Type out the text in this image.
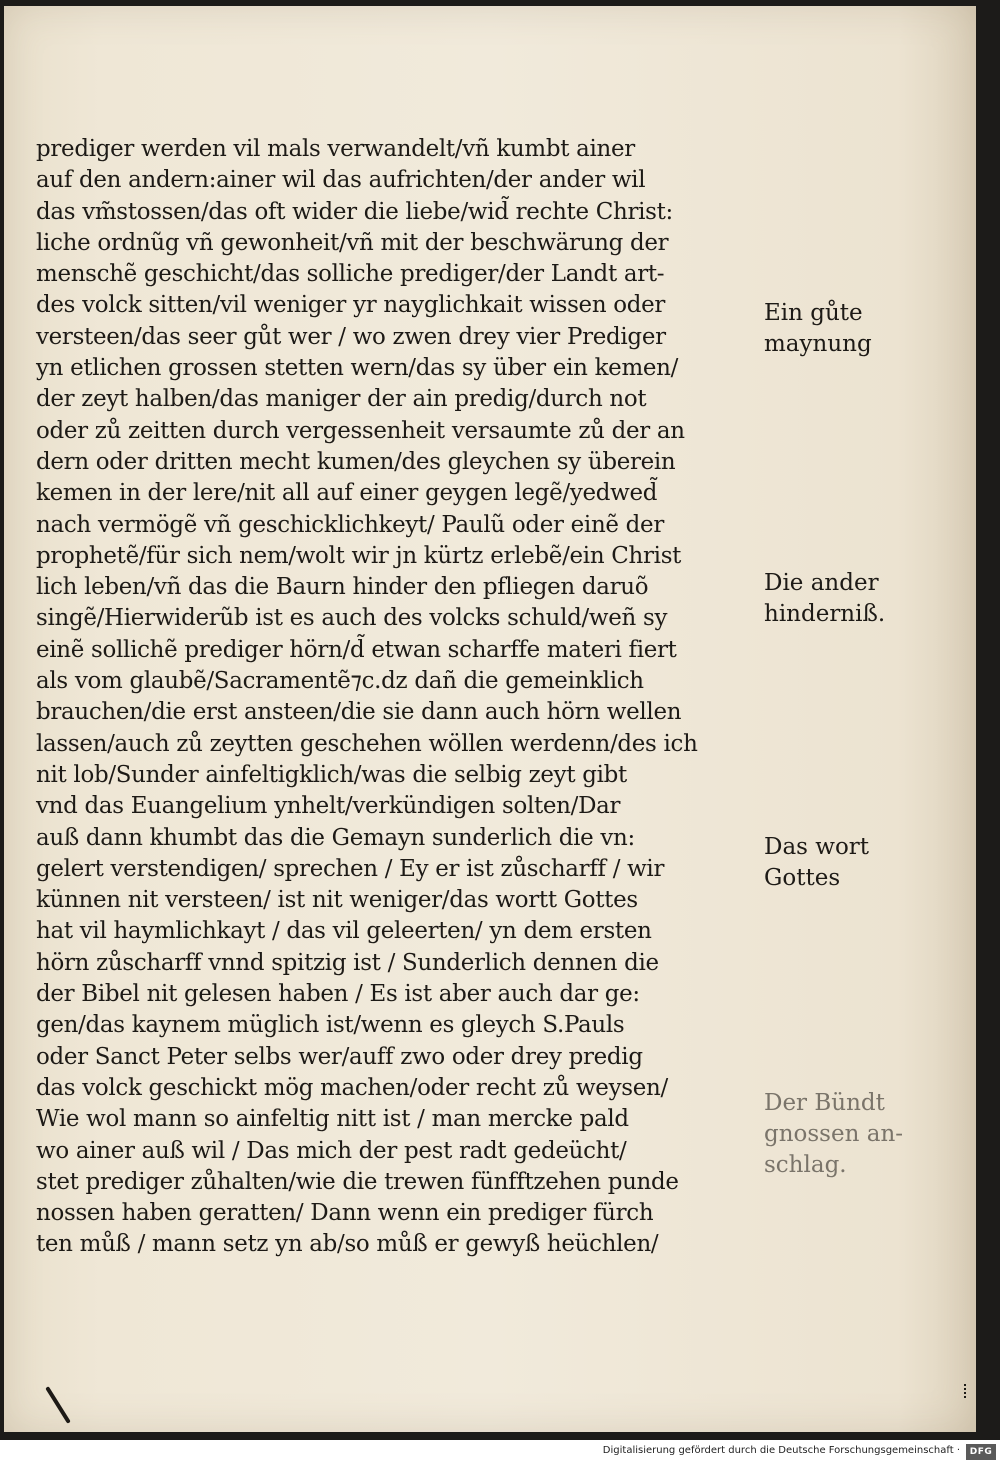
prediger werden vil mals verwandelt/vñ kumbt ainer
auf den andern:ainer wil das aufrichten/der ander wil
das vm̃stossen/das oft wider die liebe/wid̃ rechte Christ:
liche ordnũg vñ gewonheit/vñ mit der beschwärung der
menschẽ geschicht/das solliche prediger/der Landt art-
des volck sitten/vil weniger yr nayglichkait wissen oder
versteen/das seer gůt wer / wo zwen drey vier Prediger
yn etlichen grossen stetten wern/das sy über ein kemen/
der zeyt halben/das maniger der ain predig/durch not
oder zů zeitten durch vergessenheit versaumte zů der an
dern oder dritten mecht kumen/des gleychen sy überein
kemen in der lere/nit all auf einer geygen legẽ/yedwed̃
nach vermögẽ vñ geschicklichkeyt/ Paulũ oder einẽ der
prophetẽ/für sich nem/wolt wir jn kürtz erlebẽ/ein Christ
lich leben/vñ das die Baurn hinder den pfliegen daruõ
singẽ/Hierwiderũb ist es auch des volcks schuld/weñ sy
einẽ sollichẽ prediger hörn/d̃ etwan scharffe materi fiert
als vom glaubẽ/Sacramentẽ⁊c.dz dañ die gemeinklich
brauchen/die erst ansteen/die sie dann auch hörn wellen
lassen/auch zů zeytten geschehen wöllen werdenn/des ich
nit lob/Sunder ainfeltigklich/was die selbig zeyt gibt
vnd das Euangelium ynhelt/verkündigen solten/Dar
auß dann khumbt das die Gemayn sunderlich die vn:
gelert verstendigen/ sprechen / Ey er ist zůscharff / wir
künnen nit versteen/ ist nit weniger/das wortt Gottes
hat vil haymlichkayt / das vil geleerten/ yn dem ersten
hörn zůscharff vnnd spitzig ist / Sunderlich dennen die
der Bibel nit gelesen haben / Es ist aber auch dar ge:
gen/das kaynem müglich ist/wenn es gleych S.Pauls
oder Sanct Peter selbs wer/auff zwo oder drey predig
das volck geschickt mög machen/oder recht zů weysen/
Wie wol mann so ainfeltig nitt ist / man mercke pald
wo ainer auß wil / Das mich der pest radt gedeücht/
stet prediger zůhalten/wie die trewen fünfftzehen punde
nossen haben geratten/ Dann wenn ein prediger fürch
ten můß / mann setz yn ab/so můß er gewyß heüchlen/
Ein gůte
maynung
Die ander
hinderniß.
Das wort
Gottes
Der Bündt
gnossen an-
schlag.
Digitalisierung gefördert durch die Deutsche Forschungsgemeinschaft ·	DFG
